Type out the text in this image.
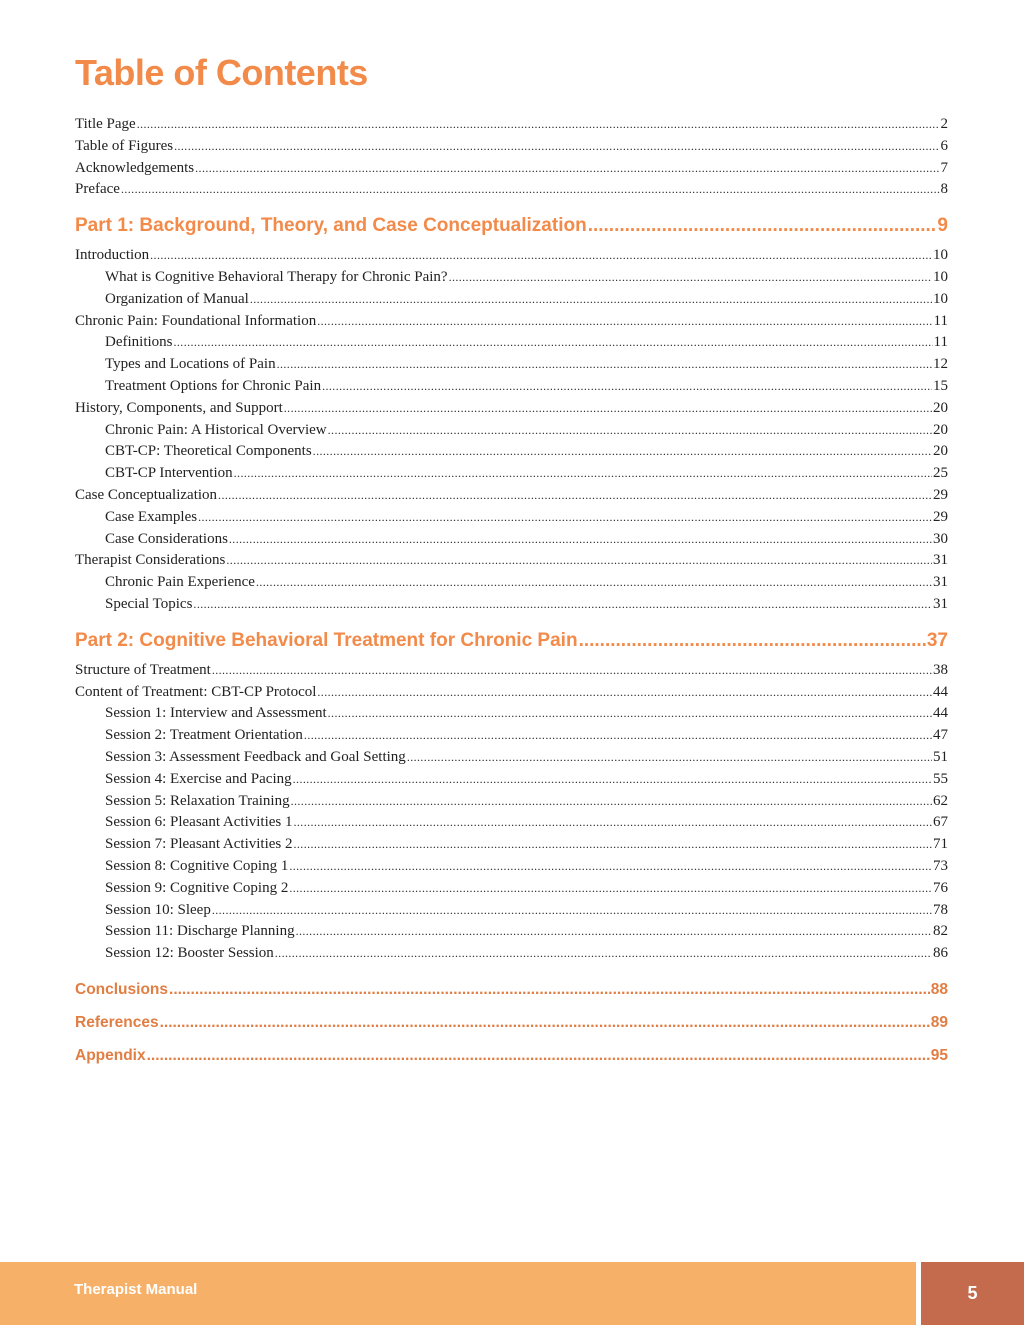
Table of Contents
Title Page .....	2
Table of Figures .....	6
Acknowledgements .....	7
Preface .....	8
Part 1: Background, Theory, and Case Conceptualization .....	9
Introduction .....	10
What is Cognitive Behavioral Therapy for Chronic Pain? .....	10
Organization of Manual .....	10
Chronic Pain: Foundational Information .....	11
Definitions .....	11
Types and Locations of Pain .....	12
Treatment Options for Chronic Pain .....	15
History, Components, and Support .....	20
Chronic Pain: A Historical Overview .....	20
CBT-CP: Theoretical Components .....	20
CBT-CP Intervention .....	25
Case Conceptualization .....	29
Case Examples .....	29
Case Considerations .....	30
Therapist Considerations .....	31
Chronic Pain Experience .....	31
Special Topics .....	31
Part 2: Cognitive Behavioral Treatment for Chronic Pain .....	37
Structure of Treatment .....	38
Content of Treatment: CBT-CP Protocol .....	44
Session 1: Interview and Assessment .....	44
Session 2: Treatment Orientation .....	47
Session 3: Assessment Feedback and Goal Setting .....	51
Session 4: Exercise and Pacing .....	55
Session 5: Relaxation Training .....	62
Session 6: Pleasant Activities 1 .....	67
Session 7: Pleasant Activities 2 .....	71
Session 8: Cognitive Coping 1 .....	73
Session 9: Cognitive Coping 2 .....	76
Session 10: Sleep .....	78
Session 11: Discharge Planning .....	82
Session 12: Booster Session .....	86
Conclusions .....	88
References .....	89
Appendix .....	95
Therapist Manual	5
